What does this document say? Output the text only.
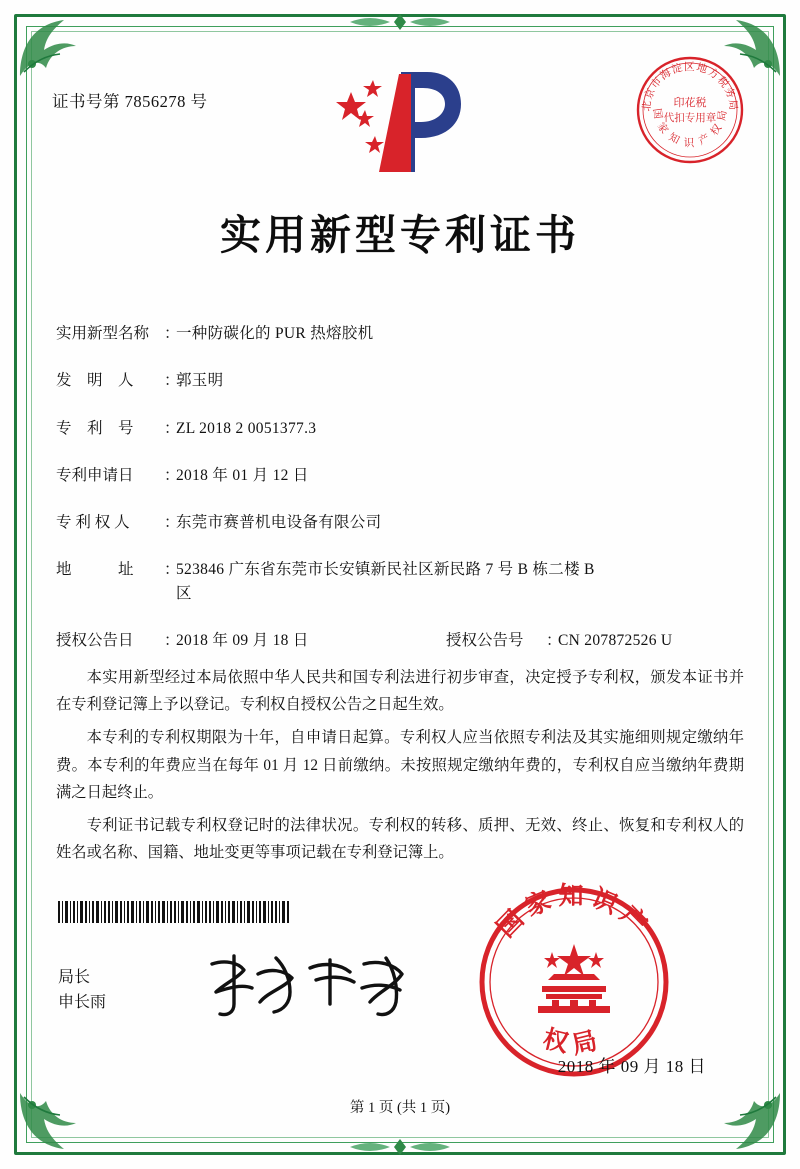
证书号第 7856278 号	北京市海淀区地方税务局
国 家 知 识 产 权 局
印花税
代扣专用章
实用新型专利证书
实用新型名称 ：
一种防碳化的 PUR 热熔胶机
发　明　人	：
郭玉明
专　利　号	：
ZL 2018 2 0051377.3
专利申请日	：
2018 年 01 月 12 日
专 利 权 人	：
东莞市赛普机电设备有限公司
地　　　址	：
523846 广东省东莞市长安镇新民社区新民路 7 号 B 栋二楼 B
区
授权公告日	：
2018 年 09 月 18 日	授权公告号	：
CN 207872526 U

本实用新型经过本局依照中华人民共和国专利法进行初步审查，决定授予专利权，颁发本证书并在专利登记簿上予以登记。专利权自授权公告之日起生效。

本专利的专利权期限为十年，自申请日起算。专利权人应当依照专利法及其实施细则规定缴纳年费。本专利的年费应当在每年 01 月 12 日前缴纳。未按照规定缴纳年费的，专利权自应当缴纳年费期满之日起终止。

专利证书记载专利权登记时的法律状况。专利权的转移、质押、无效、终止、恢复和专利权人的姓名或名称、国籍、地址变更等事项记载在专利登记簿上。

局长
申长雨
国家知识产
权局
2018 年 09 月 18 日
第 1 页 (共 1 页)
